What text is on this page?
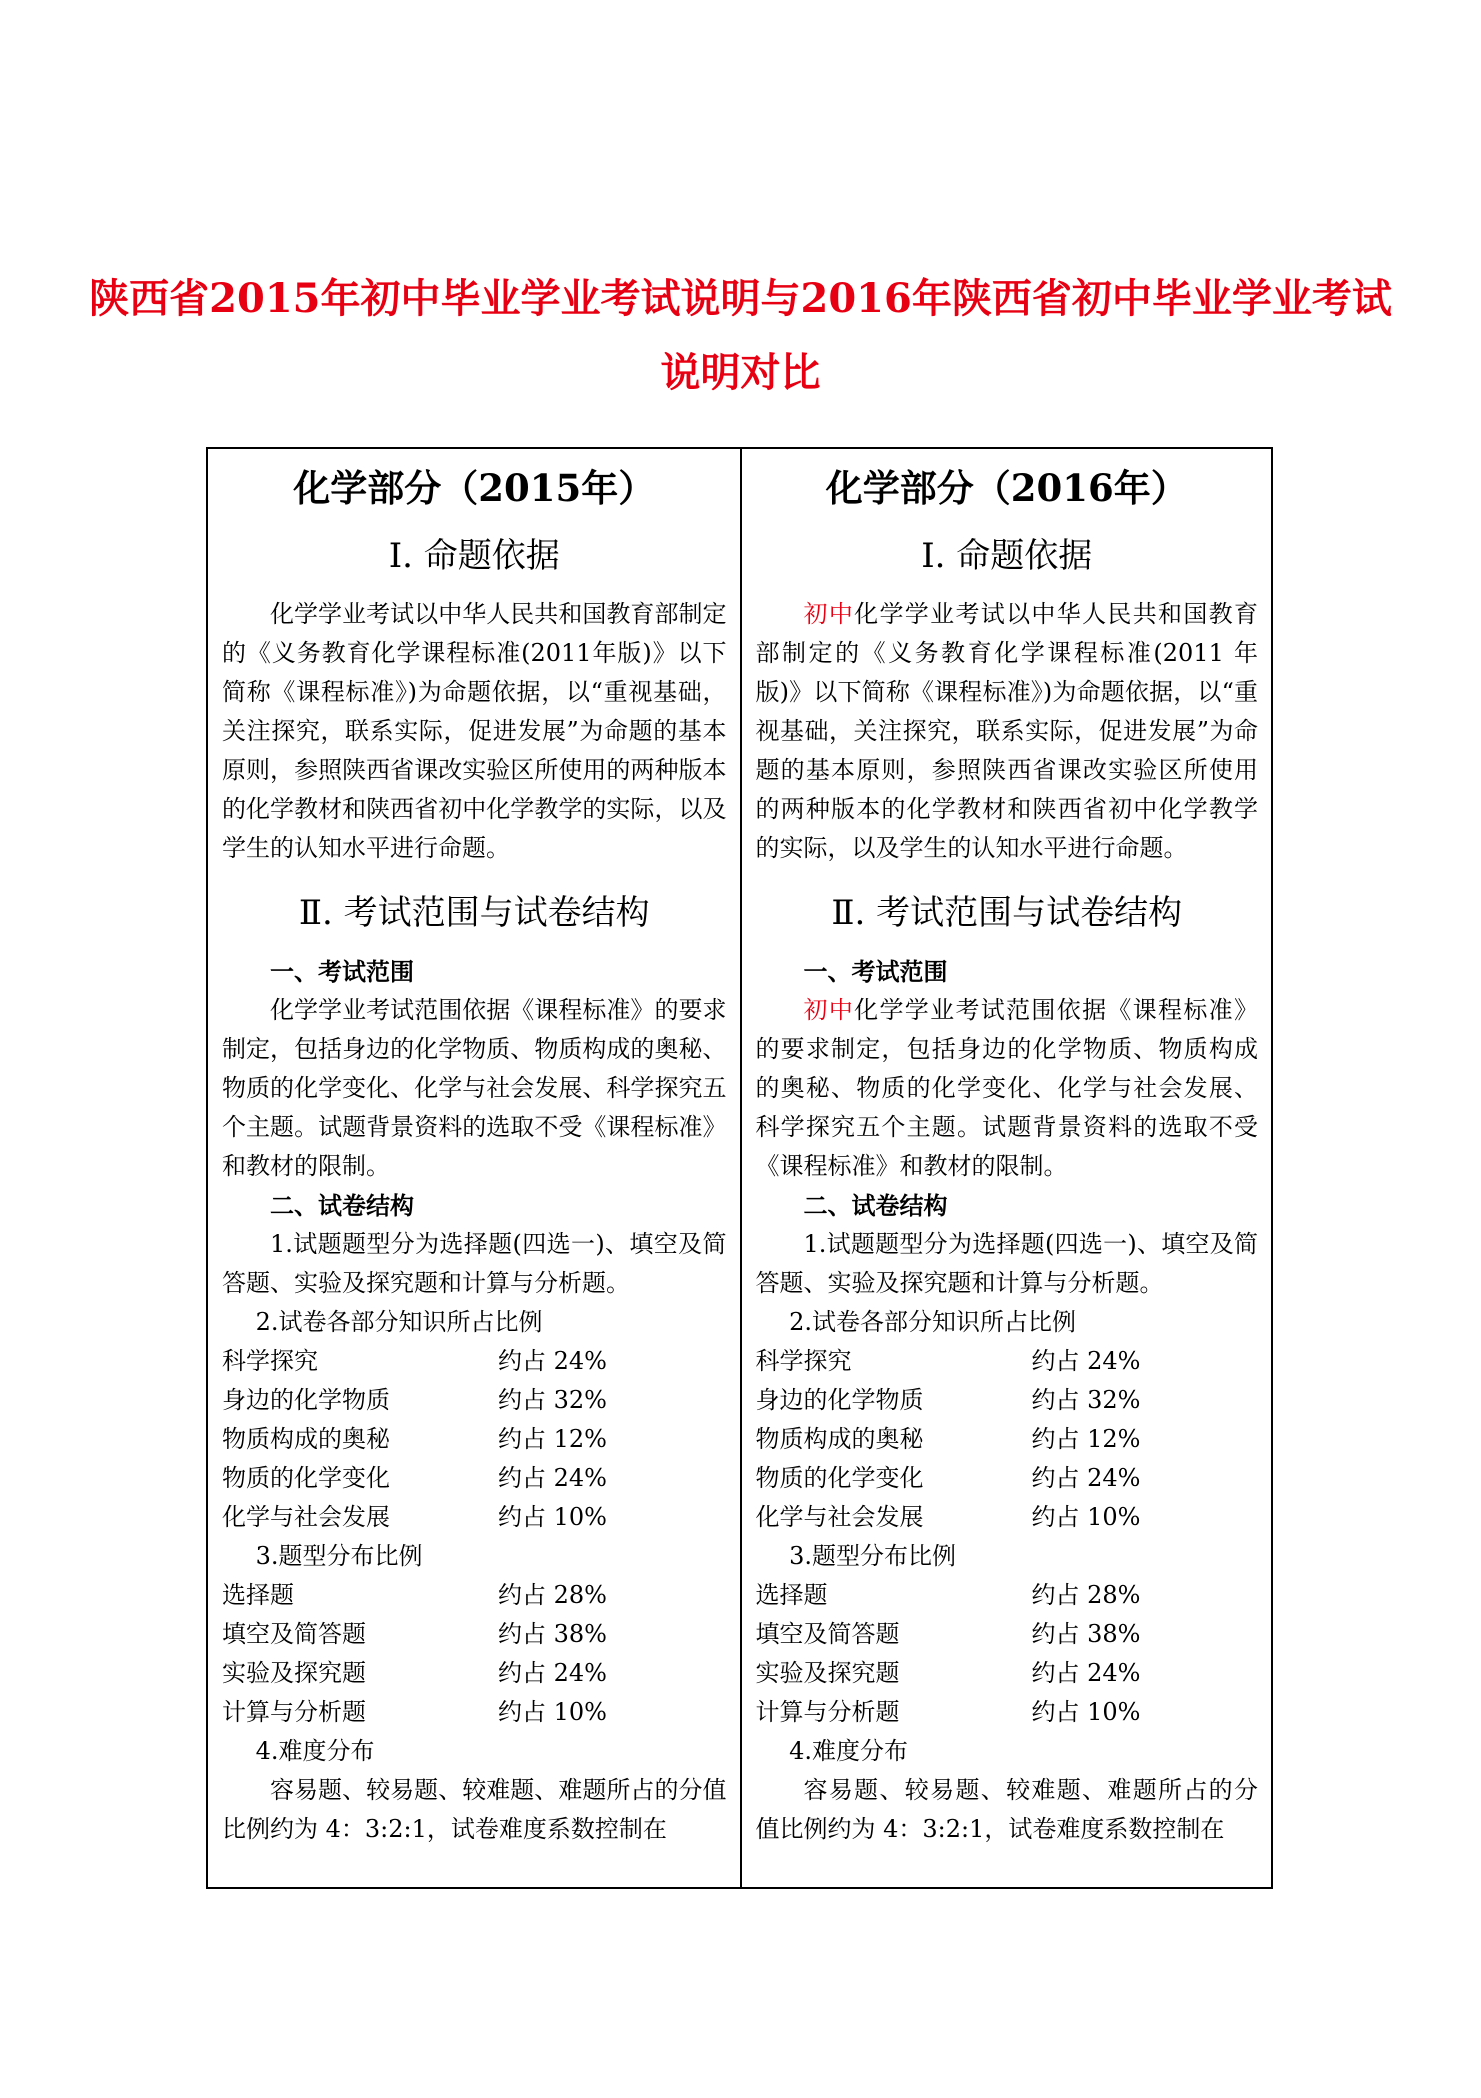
陕西省2015年初中毕业学业考试说明与2016年陕西省初中毕业学业考试
说明对比
化学部分（2015年）
Ⅰ. 命题依据

化学学业考试以中华人民共和国教育部制定的《义务教育化学课程标准(2011年版)》以下简称《课程标准》)为命题依据，以“重视基础，关注探究，联系实际，促进发展”为命题的基本原则，参照陕西省课改实验区所使用的两种版本的化学教材和陕西省初中化学教学的实际，以及学生的认知水平进行命题。

Ⅱ. 考试范围与试卷结构
一、考试范围

化学学业考试范围依据《课程标准》的要求制定，包括身边的化学物质、物质构成的奥秘、物质的化学变化、化学与社会发展、科学探究五个主题。试题背景资料的选取不受《课程标准》和教材的限制。

二、试卷结构

1.试题题型分为选择题(四选一)、填空及简答题、实验及探究题和计算与分析题。

2.试卷各部分知识所占比例
科学探究	约占 24%
身边的化学物质	约占 32%
物质构成的奥秘	约占 12%
物质的化学变化	约占 24%
化学与社会发展	约占 10%
3.题型分布比例
选择题	约占 28%
填空及简答题	约占 38%
实验及探究题	约占 24%
计算与分析题	约占 10%
4.难度分布

容易题、较易题、较难题、难题所占的分值比例约为 4：3:2:1，试卷难度系数控制在

化学部分（2016年）
Ⅰ. 命题依据

初中化学学业考试以中华人民共和国教育部制定的《义务教育化学课程标准(2011 年版)》以下简称《课程标准》)为命题依据，以“重视基础，关注探究，联系实际，促进发展”为命题的基本原则，参照陕西省课改实验区所使用的两种版本的化学教材和陕西省初中化学教学的实际，以及学生的认知水平进行命题。

Ⅱ. 考试范围与试卷结构
一、考试范围

初中化学学业考试范围依据《课程标准》的要求制定，包括身边的化学物质、物质构成的奥秘、物质的化学变化、化学与社会发展、科学探究五个主题。试题背景资料的选取不受《课程标准》和教材的限制。

二、试卷结构

1.试题题型分为选择题(四选一)、填空及简答题、实验及探究题和计算与分析题。

2.试卷各部分知识所占比例
科学探究	约占 24%
身边的化学物质	约占 32%
物质构成的奥秘	约占 12%
物质的化学变化	约占 24%
化学与社会发展	约占 10%
3.题型分布比例
选择题	约占 28%
填空及简答题	约占 38%
实验及探究题	约占 24%
计算与分析题	约占 10%
4.难度分布

容易题、较易题、较难题、难题所占的分值比例约为 4：3:2:1，试卷难度系数控制在
